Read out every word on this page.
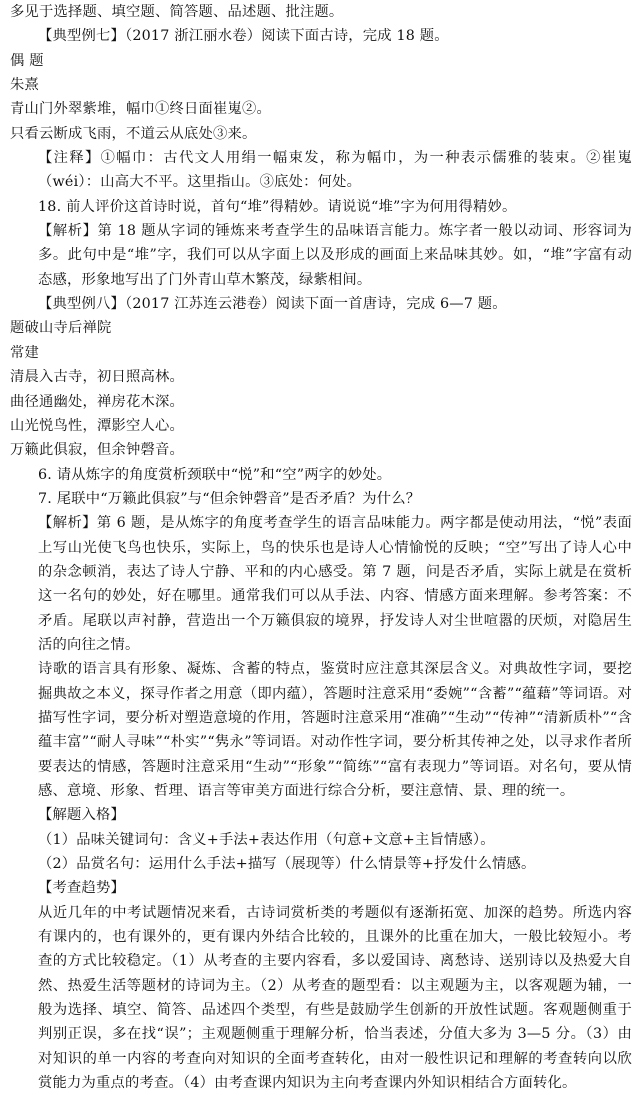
多见于选择题、填空题、简答题、品述题、批注题。
【典型例七】（2017 浙江丽水卷）阅读下面古诗，完成 18 题。
偶 题
朱熹
青山门外翠紫堆，幅巾①终日面崔嵬②。
只看云断成飞雨，不道云从底处③来。

【注释】①幅巾：古代文人用绢一幅束发，称为幅巾，为一种表示儒雅的装束。②崔嵬（wéi）：山高大不平。这里指山。③底处：何处。

18. 前人评价这首诗时说，首句“堆”得精妙。请说说“堆”字为何用得精妙。

【解析】第 18 题从字词的锤炼来考查学生的品味语言能力。炼字者一般以动词、形容词为多。此句中是“堆”字，我们可以从字面上以及形成的画面上来品味其妙。如，“堆”字富有动态感，形象地写出了门外青山草木繁茂，绿紫相间。

【典型例八】（2017 江苏连云港卷）阅读下面一首唐诗，完成 6—7 题。

题破山寺后禅院
常建
清晨入古寺，初日照高林。
曲径通幽处，禅房花木深。
山光悦鸟性，潭影空人心。
万籁此俱寂，但余钟磬音。

6. 请从炼字的角度赏析颈联中“悦”和“空”两字的妙处。

7. 尾联中“万籁此俱寂”与“但余钟磬音”是否矛盾？为什么？

【解析】第 6 题，是从炼字的角度考查学生的语言品味能力。两字都是使动用法，“悦”表面上写山光使飞鸟也快乐，实际上，鸟的快乐也是诗人心情愉悦的反映；“空”写出了诗人心中的杂念顿消，表达了诗人宁静、平和的内心感受。第 7 题，问是否矛盾，实际上就是在赏析这一名句的妙处，好在哪里。通常我们可以从手法、内容、情感方面来理解。参考答案：不矛盾。尾联以声衬静，营造出一个万籁俱寂的境界，抒发诗人对尘世喧嚣的厌烦，对隐居生活的向往之情。

诗歌的语言具有形象、凝炼、含蓄的特点，鉴赏时应注意其深层含义。对典故性字词，要挖掘典故之本义，探寻作者之用意（即内蕴），答题时注意采用“委婉”“含蓄”“蕴藉”等词语。对描写性字词，要分析对塑造意境的作用，答题时注意采用“准确”“生动”“传神”“清新质朴”“含蕴丰富”“耐人寻味”“朴实”“隽永”等词语。对动作性字词，要分析其传神之处，以寻求作者所要表达的情感，答题时注意采用“生动”“形象”“简练”“富有表现力”等词语。对名句，要从情感、意境、形象、哲理、语言等审美方面进行综合分析，要注意情、景、理的统一。

【解题入格】

（1）品味关键词句：含义+手法+表达作用（句意+文意+主旨情感）。

（2）品赏名句：运用什么手法+描写（展现等）什么情景等+抒发什么情感。

【考查趋势】

从近几年的中考试题情况来看，古诗词赏析类的考题似有逐渐拓宽、加深的趋势。所选内容有课内的，也有课外的，更有课内外结合比较的，且课外的比重在加大，一般比较短小。考查的方式比较稳定。（1）从考查的主要内容看，多以爱国诗、离愁诗、送别诗以及热爱大自然、热爱生活等题材的诗词为主。（2）从考查的题型看：以主观题为主，以客观题为辅，一般为选择、填空、简答、品述四个类型，有些是鼓励学生创新的开放性试题。客观题侧重于判别正误，多在找“误”；主观题侧重于理解分析，恰当表述，分值大多为 3—5 分。（3）由对知识的单一内容的考查向对知识的全面考查转化，由对一般性识记和理解的考查转向以欣赏能力为重点的考查。（4）由考查课内知识为主向考查课内外知识相结合方面转化。
